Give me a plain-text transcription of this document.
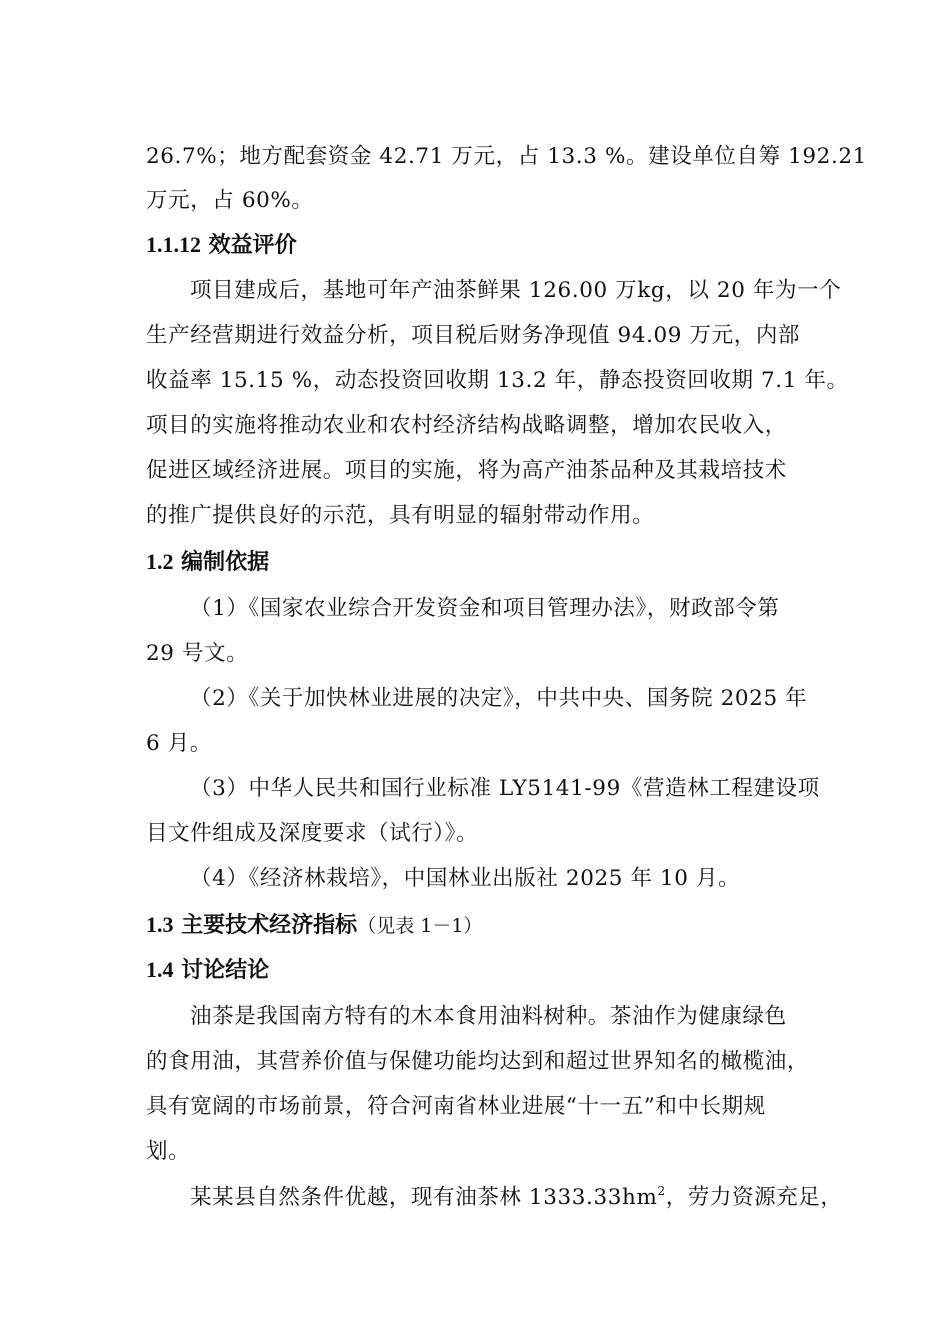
26.7%；地方配套资金 42.71 万元，占 13.3 %。建设单位自筹 192.21
万元，占 60%。
1.1.12 效益评价
项目建成后，基地可年产油茶鲜果 126.00 万kg，以 20 年为一个
生产经营期进行效益分析，项目税后财务净现值 94.09 万元，内部
收益率 15.15 %，动态投资回收期 13.2 年，静态投资回收期 7.1 年。
项目的实施将推动农业和农村经济结构战略调整，增加农民收入，
促进区域经济进展。项目的实施，将为高产油茶品种及其栽培技术
的推广提供良好的示范，具有明显的辐射带动作用。
1.2 编制依据
（1）《国家农业综合开发资金和项目管理办法》，财政部令第
29 号文。
（2）《关于加快林业进展的决定》，中共中央、国务院 2025 年
6 月。
（3）中华人民共和国行业标准 LY5141-99《营造林工程建设项
目文件组成及深度要求（试行）》。
（4）《经济林栽培》，中国林业出版社 2025 年 10 月。
1.3 主要技术经济指标（见表 1－1）
1.4 讨论结论
油茶是我国南方特有的木本食用油料树种。茶油作为健康绿色
的食用油，其营养价值与保健功能均达到和超过世界知名的橄榄油，
具有宽阔的市场前景，符合河南省林业进展“十一五”和中长期规
划。
某某县自然条件优越，现有油茶林 $1333.33hm^2$，劳力资源充足，
